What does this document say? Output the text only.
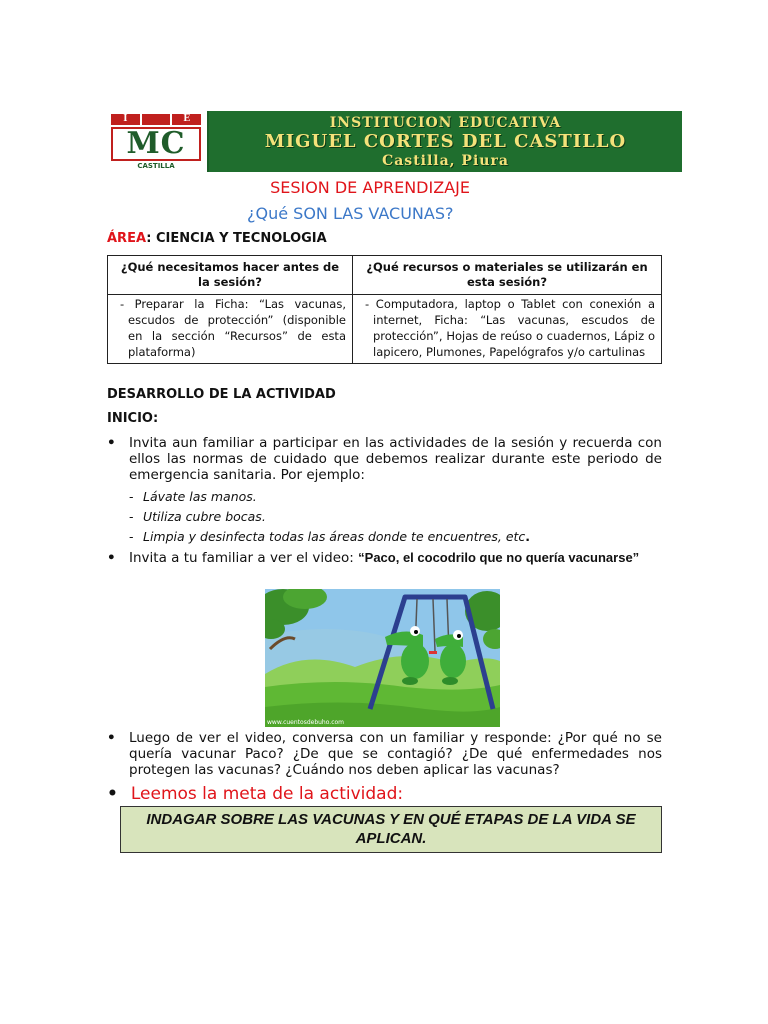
I	E
MC
CASTILLA
INSTITUCION EDUCATIVA
MIGUEL CORTES DEL CASTILLO
Castilla, Piura
SESION DE APRENDIZAJE
¿Qué SON LAS VACUNAS?
ÁREA: CIENCIA Y TECNOLOGIA
¿Qué necesitamos hacer antes de la sesión?	¿Qué recursos o materiales se utilizarán en esta sesión?

- Preparar la Ficha: “Las vacunas, escudos de protección” (disponible en la sección “Recursos” de esta plataforma)	- Computadora, laptop o Tablet con conexión a internet, Ficha: “Las vacunas, escudos de protección”, Hojas de reúso o cuadernos, Lápiz o lapicero, Plumones, Papelógrafos y/o cartulinas
DESARROLLO DE LA ACTIVIDAD
INICIO:
• Invita aun familiar a participar en las actividades de la sesión y recuerda con ellos las normas de cuidado que debemos realizar durante este periodo de emergencia sanitaria. Por ejemplo:
- Lávate las manos.
- Utiliza cubre bocas.
- Limpia y desinfecta todas las áreas donde te encuentres, etc.
• Invita a tu familiar a ver el video: “Paco, el cocodrilo que no quería vacunarse”
www.cuentosdebuho.com
• Luego de ver el video, conversa con un familiar y responde: ¿Por qué no se quería vacunar Paco? ¿De que se contagió? ¿De qué enfermedades nos protegen las vacunas? ¿Cuándo nos deben aplicar las vacunas?
• Leemos la meta de la actividad:
INDAGAR SOBRE LAS VACUNAS Y EN QUÉ ETAPAS DE LA VIDA SE APLICAN.
